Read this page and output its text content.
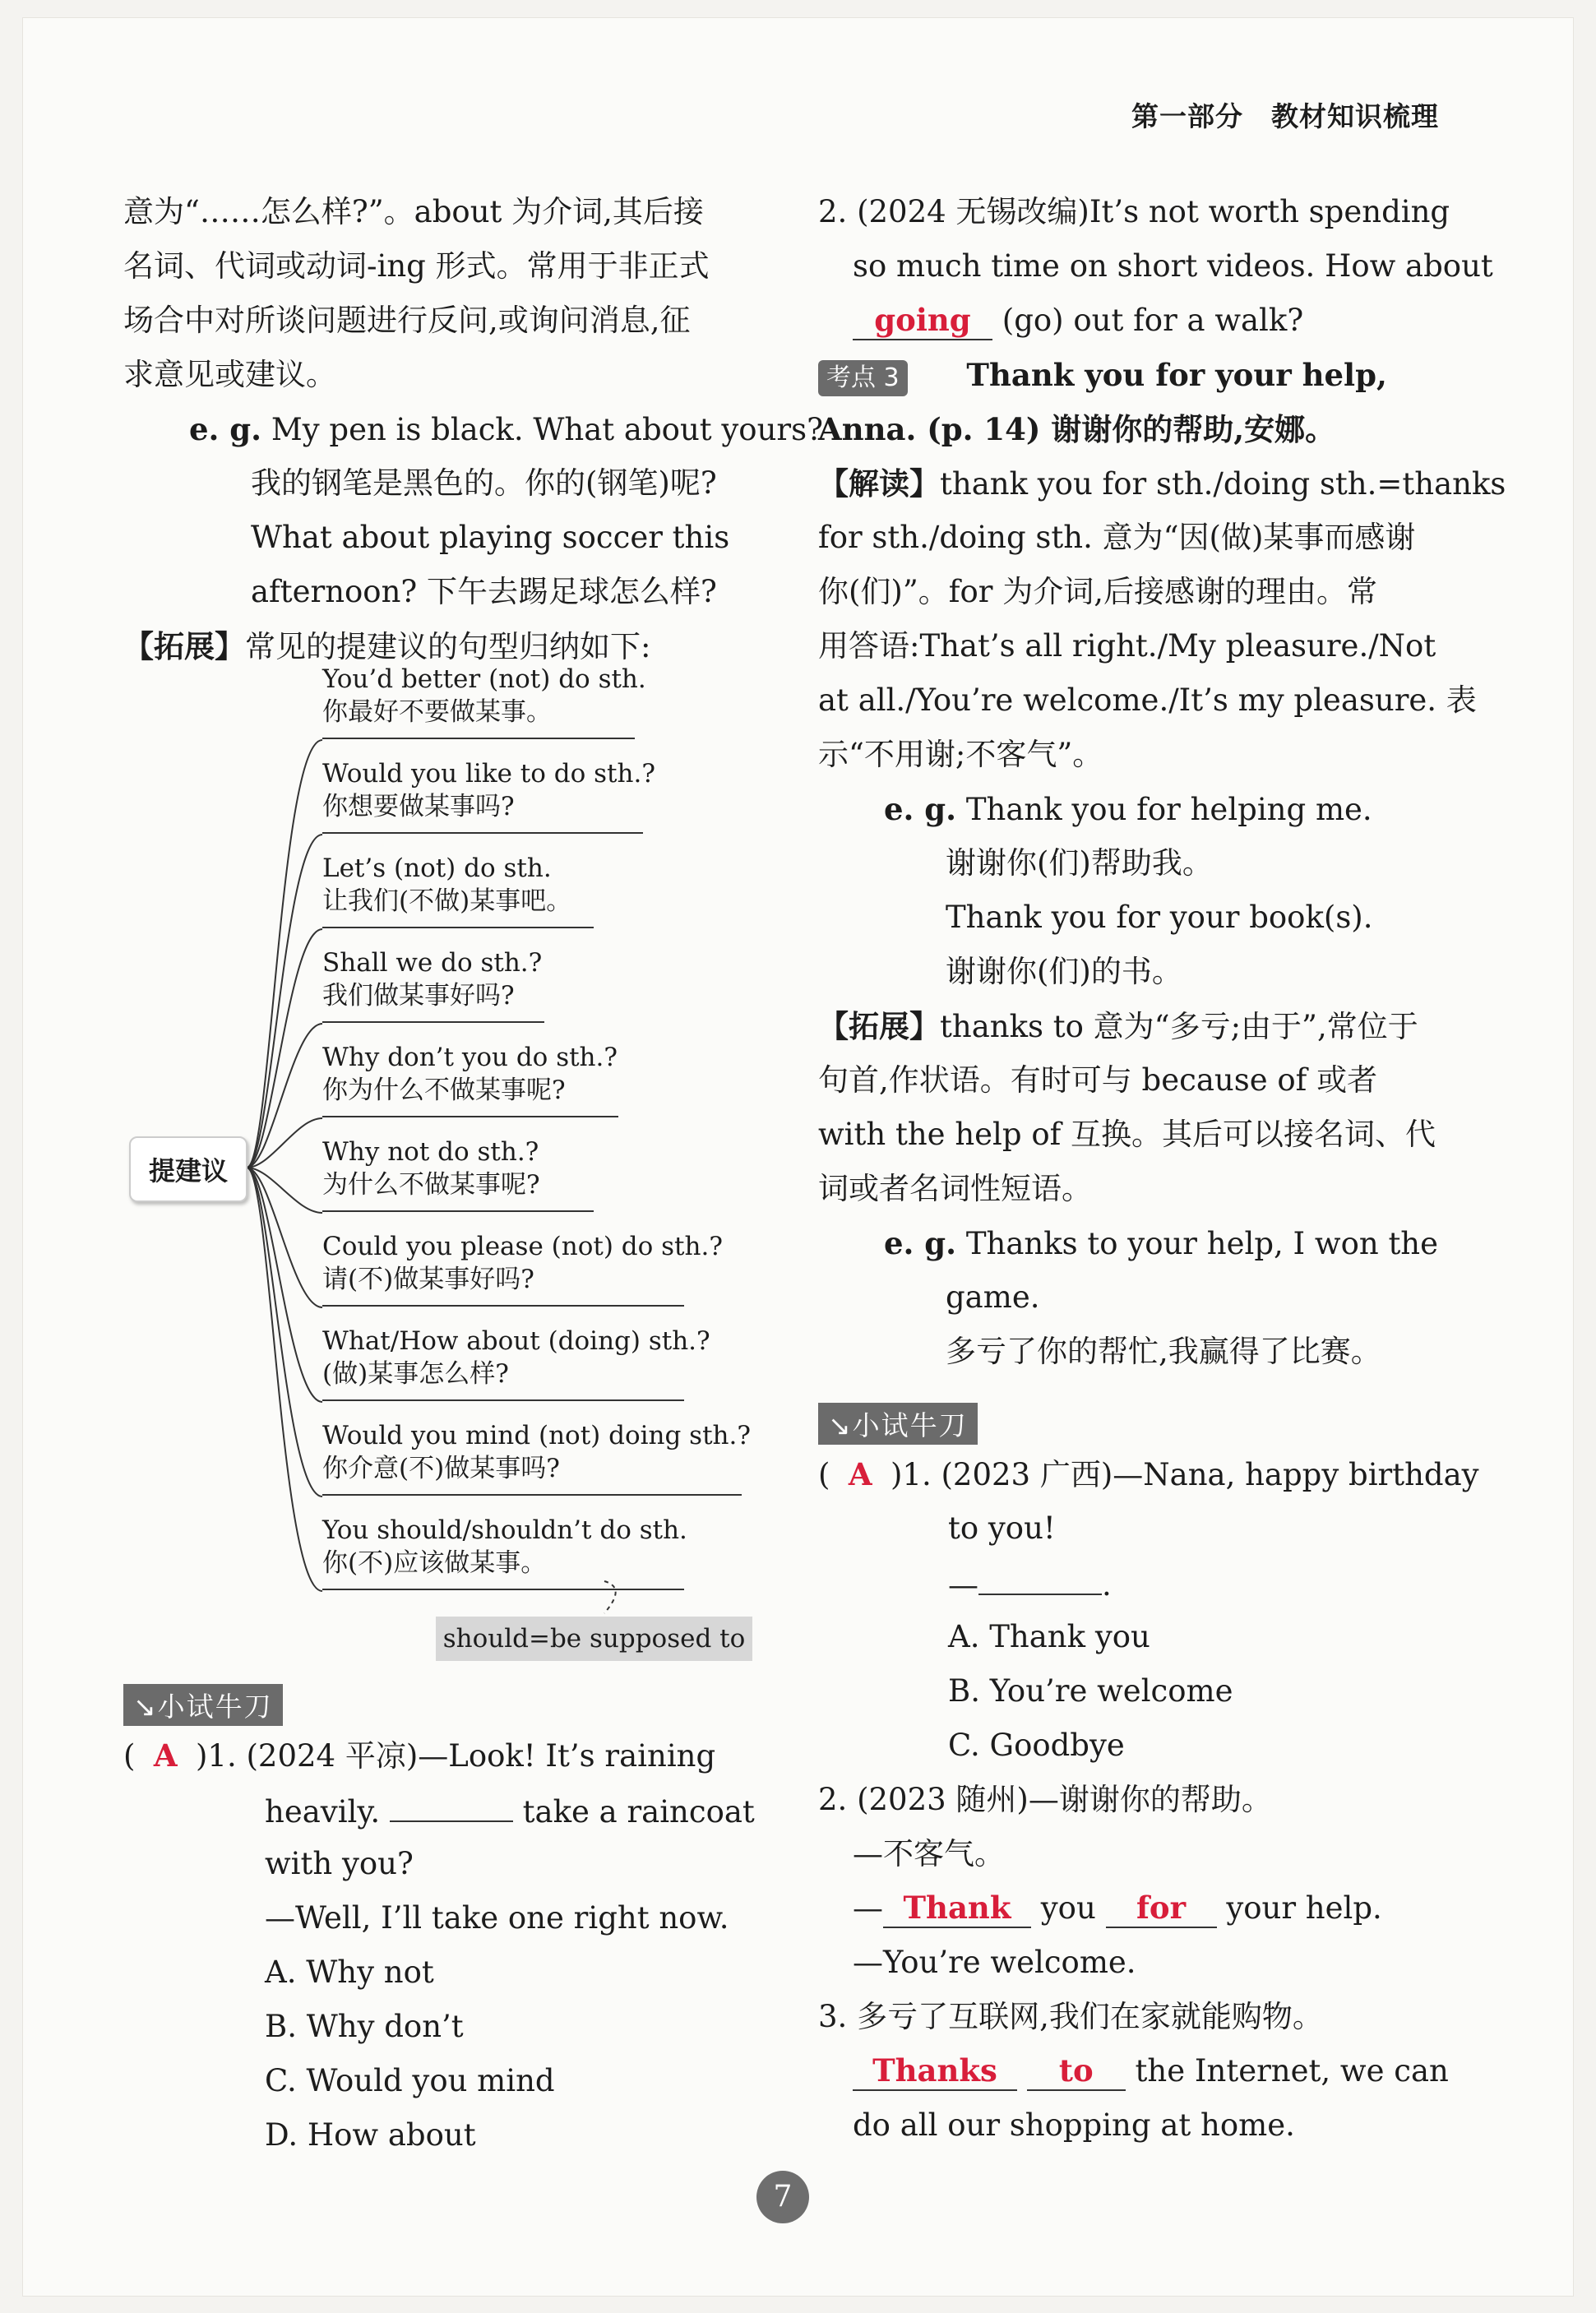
第一部分　教材知识梳理
意为“……怎么样?”。about 为介词,其后接
名词、代词或动词-ing 形式。常用于非正式
场合中对所谈问题进行反问,或询问消息,征
求意见或建议。
e. g. My pen is black. What about yours?
我的钢笔是黑色的。你的(钢笔)呢?
What about playing soccer this
afternoon? 下午去踢足球怎么样?
【拓展】常见的提建议的句型归纳如下:
提建议
You’d better (not) do sth.
你最好不要做某事。
Would you like to do sth.?
你想要做某事吗?
Let’s (not) do sth.
让我们(不做)某事吧。
Shall we do sth.?
我们做某事好吗?
Why don’t you do sth.?
你为什么不做某事呢?
Why not do sth.?
为什么不做某事呢?
Could you please (not) do sth.?
请(不)做某事好吗?
What/How about (doing) sth.?
(做)某事怎么样?
Would you mind (not) doing sth.?
你介意(不)做某事吗?
You should/shouldn’t do sth.
你(不)应该做某事。
should=be supposed to
↘小试牛刀
( A )1. (2024 平凉)—Look! It’s raining
heavily.	take a raincoat
with you?
—Well, I’ll take one right now.
A. Why not
B. Why don’t
C. Would you mind
D. How about
2. (2024 无锡改编)It’s not worth spending
so much time on short videos. How about
going (go) out for a walk?
考点 3 Thank you for your help,
Anna. (p. 14) 谢谢你的帮助,安娜。
【解读】thank you for sth./doing sth.=thanks
for sth./doing sth. 意为“因(做)某事而感谢
你(们)”。for 为介词,后接感谢的理由。常
用答语:That’s all right./My pleasure./Not
at all./You’re welcome./It’s my pleasure. 表
示“不用谢;不客气”。
e. g. Thank you for helping me.
谢谢你(们)帮助我。
Thank you for your book(s).
谢谢你(们)的书。
【拓展】thanks to 意为“多亏;由于”,常位于
句首,作状语。有时可与 because of 或者
with the help of 互换。其后可以接名词、代
词或者名词性短语。
e. g. Thanks to your help, I won the
game.
多亏了你的帮忙,我赢得了比赛。
↘小试牛刀
( A )1. (2023 广西)—Nana, happy birthday
to you!
—	.
A. Thank you
B. You’re welcome
C. Goodbye
2. (2023 随州)—谢谢你的帮助。
—不客气。
— Thank you for your help.
—You’re welcome.
3. 多亏了互联网,我们在家就能购物。
Thanks to the Internet, we can
do all our shopping at home.
7
